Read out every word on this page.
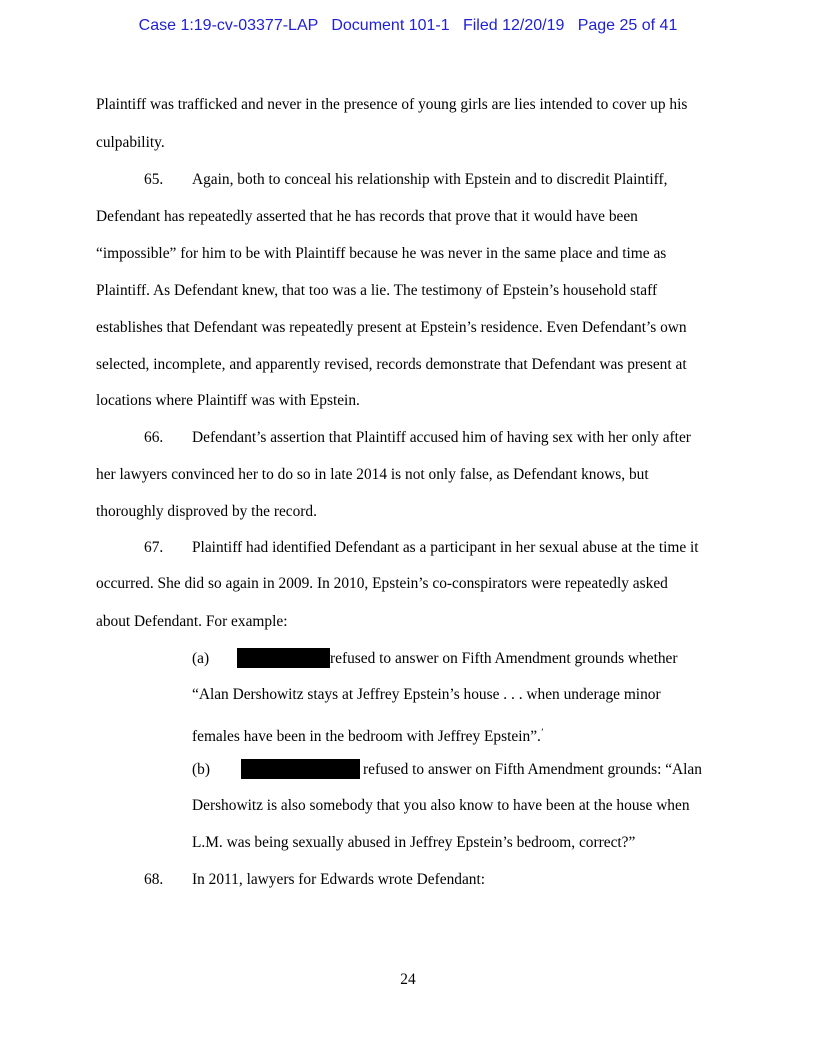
Case 1:19-cv-03377-LAP   Document 101-1   Filed 12/20/19   Page 25 of 41
Plaintiff was trafficked and never in the presence of young girls are lies intended to cover up his
culpability.
65. Again, both to conceal his relationship with Epstein and to discredit Plaintiff,
Defendant has repeatedly asserted that he has records that prove that it would have been
“impossible” for him to be with Plaintiff because he was never in the same place and time as
Plaintiff. As Defendant knew, that too was a lie. The testimony of Epstein’s household staff
establishes that Defendant was repeatedly present at Epstein’s residence. Even Defendant’s own
selected, incomplete, and apparently revised, records demonstrate that Defendant was present at
locations where Plaintiff was with Epstein.
66. Defendant’s assertion that Plaintiff accused him of having sex with her only after
her lawyers convinced her to do so in late 2014 is not only false, as Defendant knows, but
thoroughly disproved by the record.
67. Plaintiff had identified Defendant as a participant in her sexual abuse at the time it
occurred. She did so again in 2009. In 2010, Epstein’s co-conspirators were repeatedly asked
about Defendant. For example:
(a)	refused to answer on Fifth Amendment grounds whether
“Alan Dershowitz stays at Jeffrey Epstein’s house . . . when underage minor
females have been in the bedroom with Jeffrey Epstein”.$^ʼ$
(b)	refused to answer on Fifth Amendment grounds: “Alan
Dershowitz is also somebody that you also know to have been at the house when
L.M. was being sexually abused in Jeffrey Epstein’s bedroom, correct?”
68. In 2011, lawyers for Edwards wrote Defendant:
24
